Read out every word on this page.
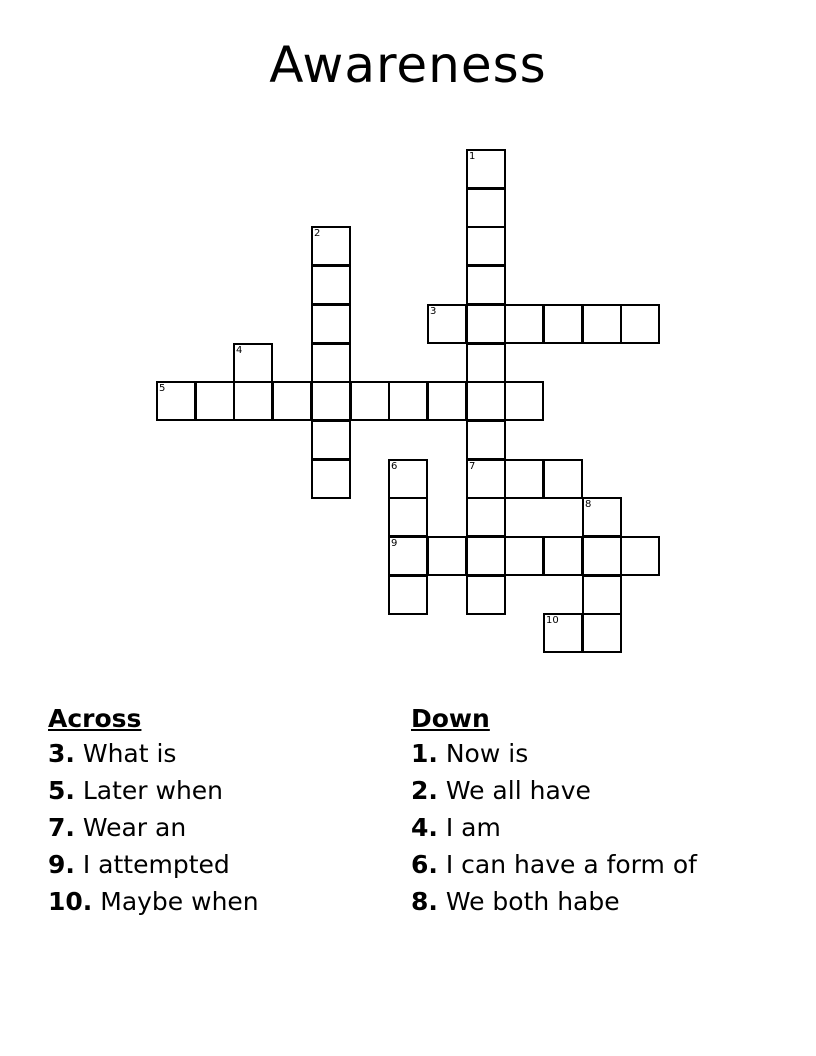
Awareness
1
7
2
3
4
5
6
9
8
10
Across
3. What is
5. Later when
7. Wear an
9. I attempted
10. Maybe when
Down
1. Now is
2. We all have
4. I am
6. I can have a form of
8. We both habe
